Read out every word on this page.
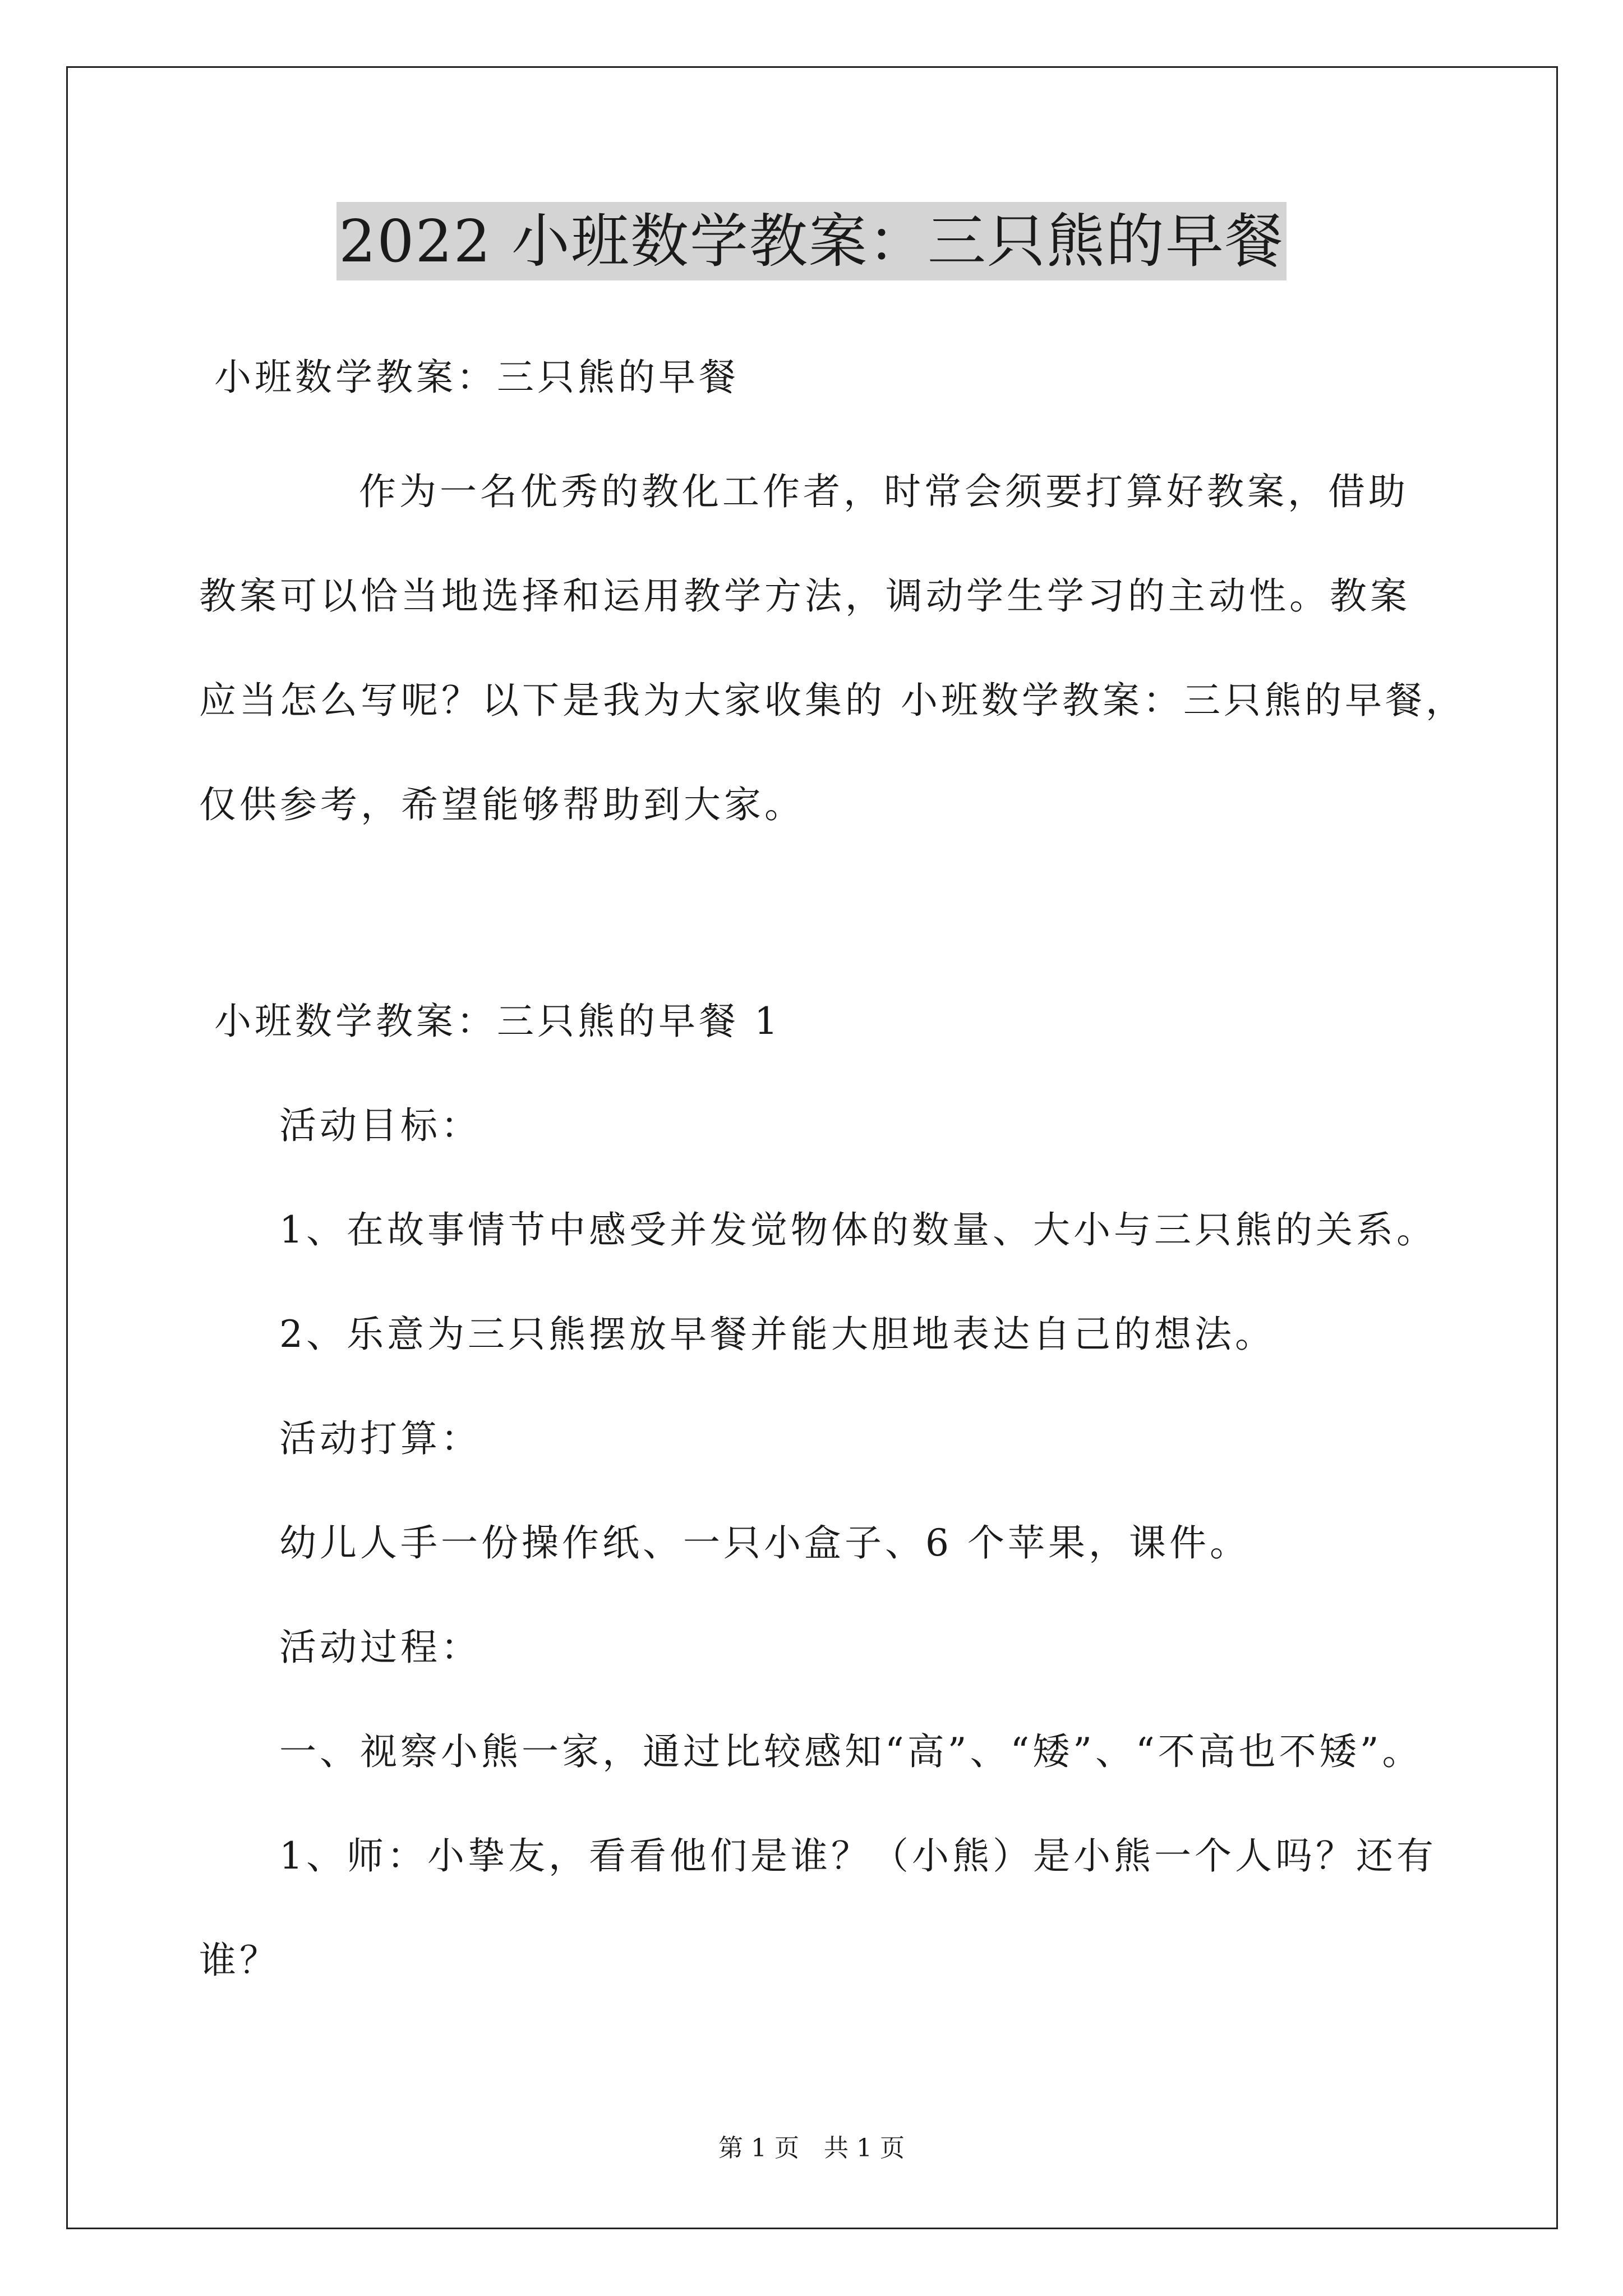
2022 小班数学教案：三只熊的早餐
小班数学教案：三只熊的早餐
作为一名优秀的教化工作者，时常会须要打算好教案，借助
教案可以恰当地选择和运用教学方法，调动学生学习的主动性。教案
应当怎么写呢？以下是我为大家收集的 小班数学教案：三只熊的早餐，
仅供参考，希望能够帮助到大家。
小班数学教案：三只熊的早餐 1
活动目标：
1、在故事情节中感受并发觉物体的数量、大小与三只熊的关系。
2、乐意为三只熊摆放早餐并能大胆地表达自己的想法。
活动打算：
幼儿人手一份操作纸、一只小盒子、6 个苹果，课件。
活动过程：
一、视察小熊一家，通过比较感知“高”、“矮”、“不高也不矮”。
1、师：小挚友，看看他们是谁？（小熊）是小熊一个人吗？还有
谁？
第 1 页　共 1 页
